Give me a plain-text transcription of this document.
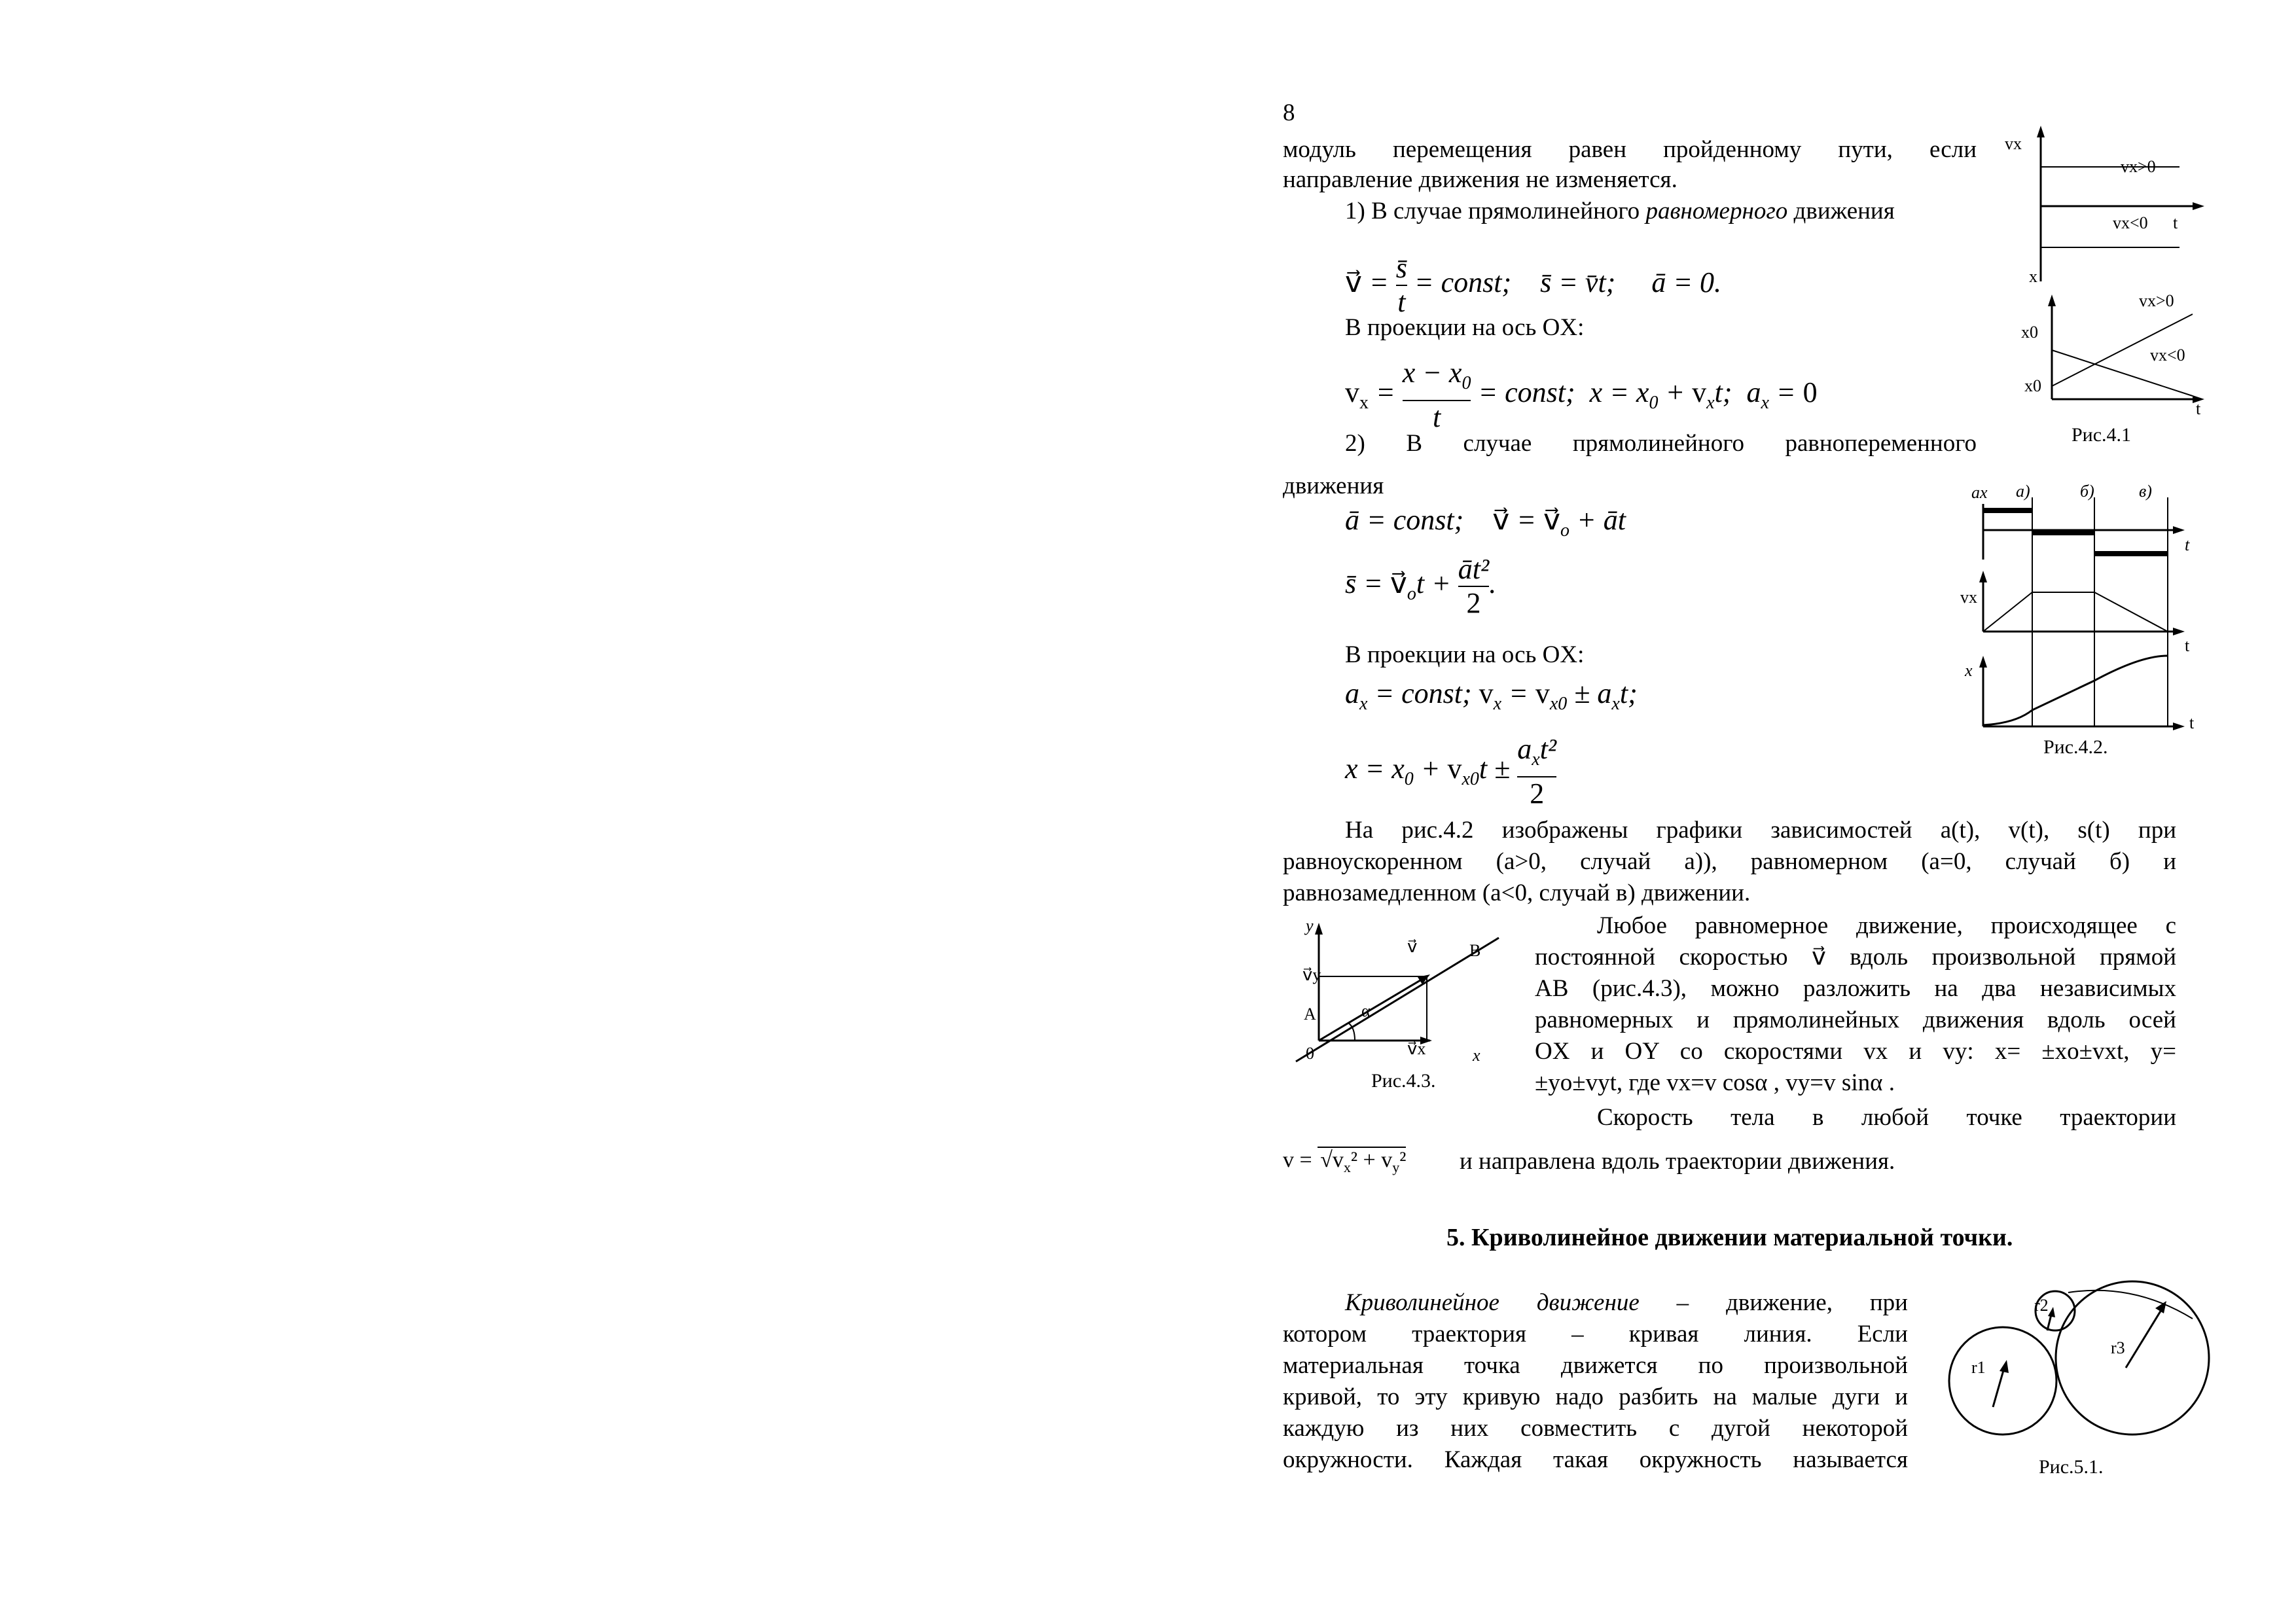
8
модуль перемещения равен пройденному пути, если
направление движения не изменяется.
1) В случае прямолинейного равномерного движения
v⃗ = $\frac{s̄}{t}$ = const;    s̄ = v̄t;     ā = 0.
В проекции на ось OX:
$v_x = \frac{x - x_0}{t}$ = const;  $x = x_0 + v_xt$;  $a_x = 0$
2) В случае прямолинейного равнопеременного
движения
ā = const;    v⃗ = $v⃗_o$ + āt
s̄ = $v⃗_ot + \frac{\text{āt²}}{2}$ .
В проекции на ось OX:
$a_x$ = const; $v_x = v_{x0} \pm a_xt$;
$x = x_0 + v_{x0}t$ ±
$a_xt^2$
2
На рис.4.2 изображены графики зависимостей a(t), v(t), s(t) при
равноускоренном (a>0, случай а)), равномерном (a=0, случай б) и
равнозамедленном (a<0, случай в) движении.
Любое равномерное движение, происходящее с
постоянной скоростью v⃗ вдоль произвольной прямой
AB (рис.4.3), можно разложить на два независимых
равномерных и прямолинейных движения вдоль осей
OX и OY со скоростями vx и vy: x= ±xo±vxt, y=
±yo±vyt, где vx=v cosα , vy=v sinα .
Скорость тела в любой точке траектории
$v = √v_x^2 + v_y^2$ и направлена вдоль траектории движения.
5. Криволинейное движении материальной точки.
Криволинейное движение – движение, при
котором траектория – кривая линия. Если
материальная точка движется по произвольной
кривой, то эту кривую надо разбить на малые дуги и
каждую из них совместить с дугой некоторой
окружности. Каждая такая окружность называется
vx
vx>0
vx<0 t
x
vx>0
x0
vx<0
x0
t
Рис.4.1
ax а)	б)	в)
t
vx
t
x
t
Рис.4.2.
y
v⃗	B
v⃗y
A	α
0	v⃗x	x
Рис.4.3.
r1
r2
r3
Рис.5.1.
